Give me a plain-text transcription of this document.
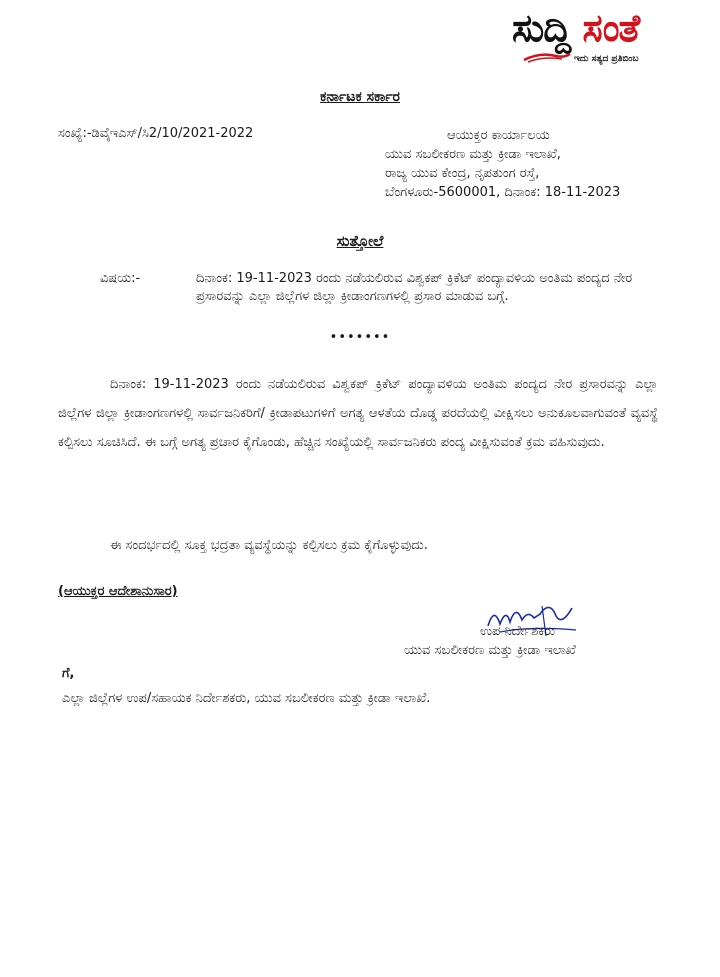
ಸುದ್ದಿ ಸಂತೆ
ಇದು ಸತ್ಯದ ಪ್ರತಿಬಿಂಬ
ಕರ್ನಾಟಕ ಸರ್ಕಾರ
ಸಂಖ್ಯೆ:-ಡಿವೈಇಎಸ್/ಸಿ2/10/2021-2022	ಆಯುಕ್ತರ ಕಾರ್ಯಾಲಯ
ಯುವ ಸಬಲೀಕರಣ ಮತ್ತು ಕ್ರೀಡಾ ಇಲಾಖೆ,
ರಾಜ್ಯ ಯುವ ಕೇಂದ್ರ, ನೃಪತುಂಗ ರಸ್ತೆ,
ಬೆಂಗಳೂರು-5600001, ದಿನಾಂಕ: 18-11-2023
ಸುತ್ತೋಲೆ
ವಿಷಯ:-	ದಿನಾಂಕ: 19-11-2023 ರಂದು ನಡೆಯಲಿರುವ ವಿಶ್ವಕಪ್ ಕ್ರಿಕೆಟ್ ಪಂದ್ಯಾವಳಿಯ ಅಂತಿಮ ಪಂದ್ಯದ ನೇರ ಪ್ರಸಾರವನ್ನು ಎಲ್ಲಾ ಜಿಲ್ಲೆಗಳ ಜಿಲ್ಲಾ ಕ್ರೀಡಾಂಗಣಗಳಲ್ಲಿ ಪ್ರಸಾರ ಮಾಡುವ ಬಗ್ಗೆ.
•••••••
ದಿನಾಂಕ: 19-11-2023 ರಂದು ನಡೆಯಲಿರುವ ವಿಶ್ವಕಪ್ ಕ್ರಿಕೆಟ್ ಪಂದ್ಯಾವಳಿಯ ಅಂತಿಮ ಪಂದ್ಯದ ನೇರ ಪ್ರಸಾರವನ್ನು ಎಲ್ಲಾ ಜಿಲ್ಲೆಗಳ ಜಿಲ್ಲಾ ಕ್ರೀಡಾಂಗಣಗಳಲ್ಲಿ ಸಾರ್ವಜನಿಕರಿಗೆ/ ಕ್ರೀಡಾಪಟುಗಳಿಗೆ ಅಗತ್ಯ ಆಳತೆಯ ದೊಡ್ಡ ಪರದೆಯಲ್ಲಿ ವೀಕ್ಷಿಸಲು ಅನುಕೂಲವಾಗುವಂತೆ ವ್ಯವಸ್ಥೆ ಕಲ್ಪಿಸಲು ಸೂಚಿಸಿದೆ. ಈ ಬಗ್ಗೆ ಅಗತ್ಯ ಪ್ರಚಾರ ಕೈಗೊಂಡು, ಹೆಚ್ಚಿನ ಸಂಖ್ಯೆಯಲ್ಲಿ ಸಾರ್ವಜನಿಕರು ಪಂದ್ಯ ವೀಕ್ಷಿಸುವಂತೆ ಕ್ರಮ ವಹಿಸುವುದು.
ಈ ಸಂದರ್ಭದಲ್ಲಿ ಸೂಕ್ತ ಭದ್ರತಾ ವ್ಯವಸ್ಥೆಯನ್ನು ಕಲ್ಪಿಸಲು ಕ್ರಮ ಕೈಗೊಳ್ಳುವುದು.
(ಆಯುಕ್ತರ ಆದೇಶಾನುಸಾರ)
ಉಪ ನಿರ್ದೇಶಕರು
ಯುವ ಸಬಲೀಕರಣ ಮತ್ತು ಕ್ರೀಡಾ ಇಲಾಖೆ
ಗೆ,
ಎಲ್ಲಾ ಜಿಲ್ಲೆಗಳ ಉಪ/ಸಹಾಯಕ ನಿರ್ದೇಶಕರು, ಯುವ ಸಬಲೀಕರಣ ಮತ್ತು ಕ್ರೀಡಾ ಇಲಾಖೆ.
